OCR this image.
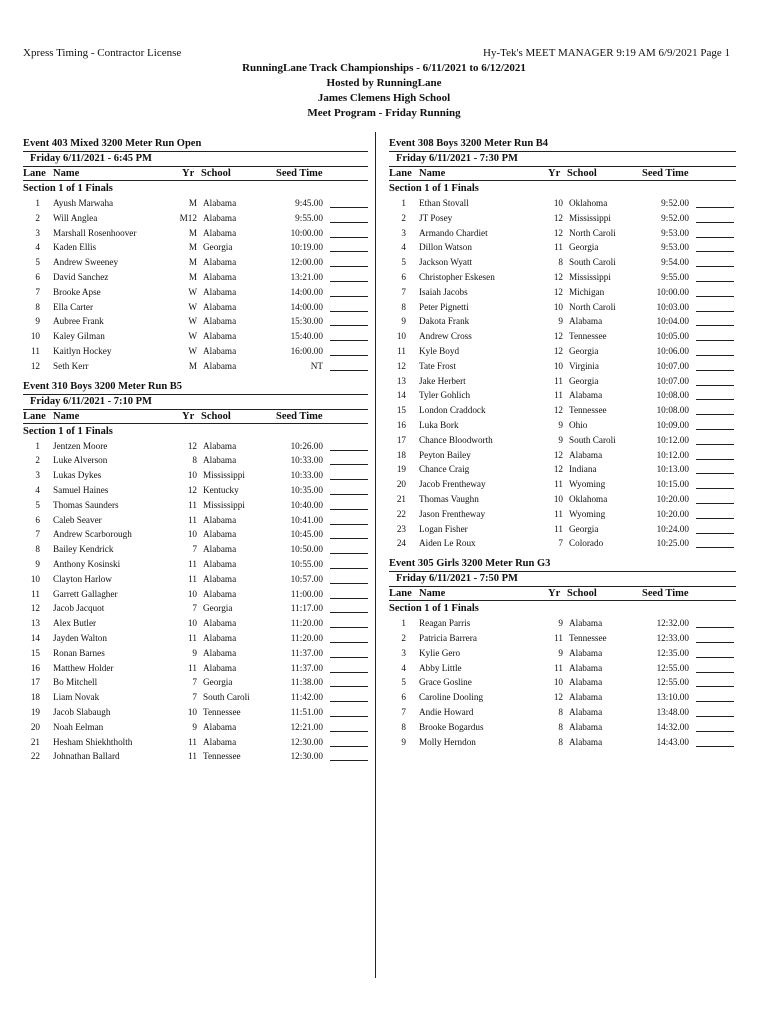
Xpress Timing - Contractor License	Hy-Tek's MEET MANAGER 9:19 AM 6/9/2021 Page 1
RunningLane Track Championships - 6/11/2021 to 6/12/2021
Hosted by RunningLane
James Clemens High School
Meet Program - Friday Running
Event 403 Mixed 3200 Meter Run Open
Friday 6/11/2021 - 6:45 PM
Lane Name	Yr School	Seed Time
Section 1 of 1 Finals
1 Ayush Marwaha	M Alabama	9:45.00
2 Will Anglea	M12 Alabama	9:55.00
3 Marshall Rosenhoover	M Alabama	10:00.00
4 Kaden Ellis	M Georgia	10:19.00
5 Andrew Sweeney	M Alabama	12:00.00
6 David Sanchez	M Alabama	13:21.00
7 Brooke Apse	W Alabama	14:00.00
8 Ella Carter	W Alabama	14:00.00
9 Aubree Frank	W Alabama	15:30.00
10 Kaley Gilman	W Alabama	15:40.00
11 Kaitlyn Hockey	W Alabama	16:00.00
12 Seth Kerr	M Alabama	NT
Event 310 Boys 3200 Meter Run B5
Friday 6/11/2021 - 7:10 PM
Lane Name	Yr School	Seed Time
Section 1 of 1 Finals
1 Jentzen Moore	12 Alabama	10:26.00
2 Luke Alverson	8 Alabama	10:33.00
3 Lukas Dykes	10 Mississippi	10:33.00
4 Samuel Haines	12 Kentucky	10:35.00
5 Thomas Saunders	11 Mississippi	10:40.00
6 Caleb Seaver	11 Alabama	10:41.00
7 Andrew Scarborough	10 Alabama	10:45.00
8 Bailey Kendrick	7 Alabama	10:50.00
9 Anthony Kosinski	11 Alabama	10:55.00
10 Clayton Harlow	11 Alabama	10:57.00
11 Garrett Gallagher	10 Alabama	11:00.00
12 Jacob Jacquot	7 Georgia	11:17.00
13 Alex Butler	10 Alabama	11:20.00
14 Jayden Walton	11 Alabama	11:20.00
15 Ronan Barnes	9 Alabama	11:37.00
16 Matthew Holder	11 Alabama	11:37.00
17 Bo Mitchell	7 Georgia	11:38.00
18 Liam Novak	7 South Caroli	11:42.00
19 Jacob Slabaugh	10 Tennessee	11:51.00
20 Noah Eelman	9 Alabama	12:21.00
21 Hesham Shiekhtholth	11 Alabama	12:30.00
22 Johnathan Ballard	11 Tennessee	12:30.00
Event 308 Boys 3200 Meter Run B4
Friday 6/11/2021 - 7:30 PM
Lane Name	Yr School	Seed Time
Section 1 of 1 Finals
1 Ethan Stovall	10 Oklahoma	9:52.00
2 JT Posey	12 Mississippi	9:52.00
3 Armando Chardiet	12 North Caroli	9:53.00
4 Dillon Watson	11 Georgia	9:53.00
5 Jackson Wyatt	8 South Caroli	9:54.00
6 Christopher Eskesen	12 Mississippi	9:55.00
7 Isaiah Jacobs	12 Michigan	10:00.00
8 Peter Pignetti	10 North Caroli	10:03.00
9 Dakota Frank	9 Alabama	10:04.00
10 Andrew Cross	12 Tennessee	10:05.00
11 Kyle Boyd	12 Georgia	10:06.00
12 Tate Frost	10 Virginia	10:07.00
13 Jake Herbert	11 Georgia	10:07.00
14 Tyler Gohlich	11 Alabama	10:08.00
15 London Craddock	12 Tennessee	10:08.00
16 Luka Bork	9 Ohio	10:09.00
17 Chance Bloodworth	9 South Caroli	10:12.00
18 Peyton Bailey	12 Alabama	10:12.00
19 Chance Craig	12 Indiana	10:13.00
20 Jacob Frentheway	11 Wyoming	10:15.00
21 Thomas Vaughn	10 Oklahoma	10:20.00
22 Jason Frentheway	11 Wyoming	10:20.00
23 Logan Fisher	11 Georgia	10:24.00
24 Aiden Le Roux	7 Colorado	10:25.00
Event 305 Girls 3200 Meter Run G3
Friday 6/11/2021 - 7:50 PM
Lane Name	Yr School	Seed Time
Section 1 of 1 Finals
1 Reagan Parris	9 Alabama	12:32.00
2 Patricia Barrera	11 Tennessee	12:33.00
3 Kylie Gero	9 Alabama	12:35.00
4 Abby Little	11 Alabama	12:55.00
5 Grace Gosline	10 Alabama	12:55.00
6 Caroline Dooling	12 Alabama	13:10.00
7 Andie Howard	8 Alabama	13:48.00
8 Brooke Bogardus	8 Alabama	14:32.00
9 Molly Herndon	8 Alabama	14:43.00
